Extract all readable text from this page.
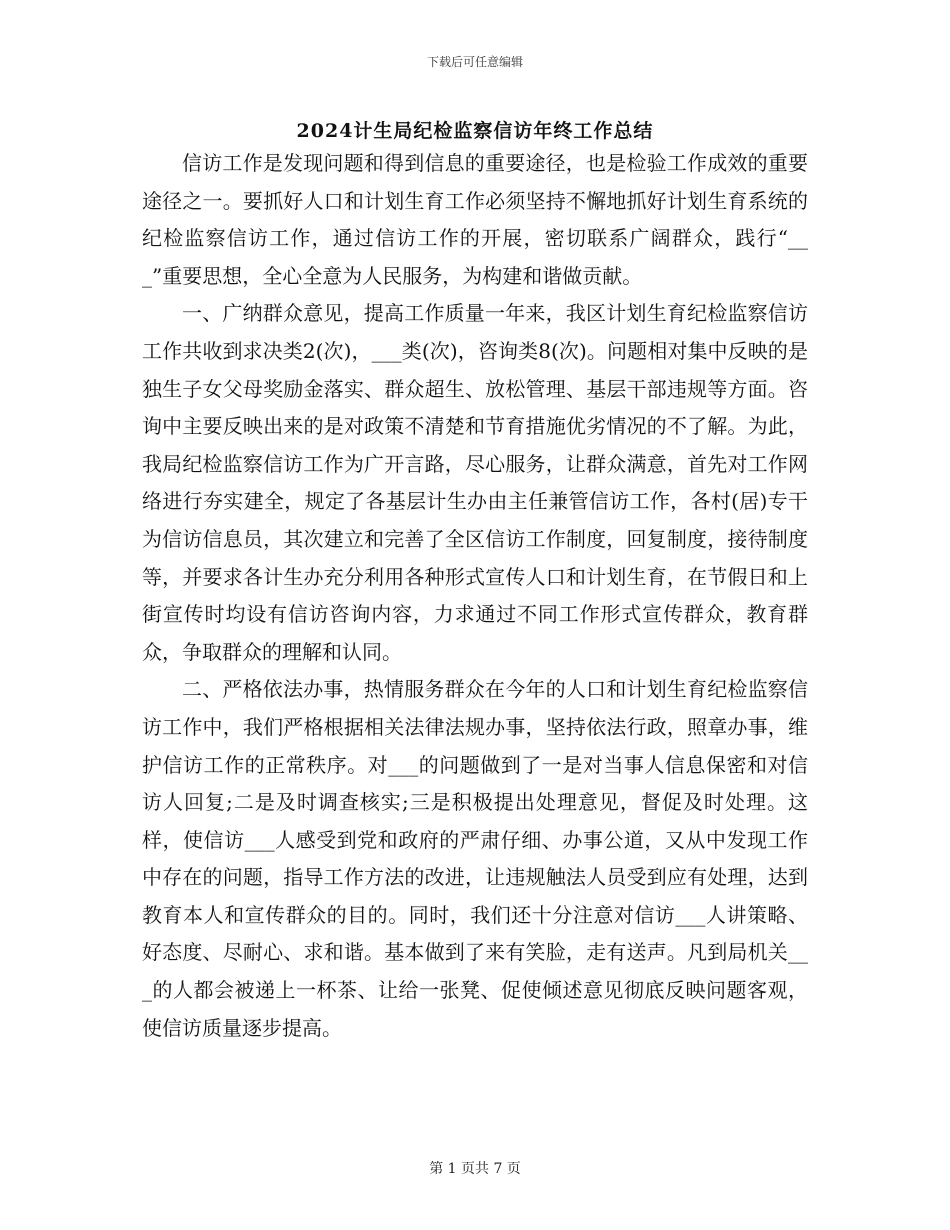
下载后可任意编辑
2024计生局纪检监察信访年终工作总结

信访工作是发现问题和得到信息的重要途径，也是检验工作成效的重要途径之一。要抓好人口和计划生育工作必须坚持不懈地抓好计划生育系统的纪检监察信访工作，通过信访工作的开展，密切联系广阔群众，践行“___”重要思想，全心全意为人民服务，为构建和谐做贡献。

一、广纳群众意见，提高工作质量一年来，我区计划生育纪检监察信访工作共收到求决类2(次)，___类(次)，咨询类8(次)。问题相对集中反映的是独生子女父母奖励金落实、群众超生、放松管理、基层干部违规等方面。咨询中主要反映出来的是对政策不清楚和节育措施优劣情况的不了解。为此，我局纪检监察信访工作为广开言路，尽心服务，让群众满意，首先对工作网络进行夯实建全，规定了各基层计生办由主任兼管信访工作，各村(居)专干为信访信息员，其次建立和完善了全区信访工作制度，回复制度，接待制度等，并要求各计生办充分利用各种形式宣传人口和计划生育，在节假日和上街宣传时均设有信访咨询内容，力求通过不同工作形式宣传群众，教育群众，争取群众的理解和认同。

二、严格依法办事，热情服务群众在今年的人口和计划生育纪检监察信访工作中，我们严格根据相关法律法规办事，坚持依法行政，照章办事，维护信访工作的正常秩序。对___的问题做到了一是对当事人信息保密和对信访人回复;二是及时调查核实;三是积极提出处理意见，督促及时处理。这样，使信访___人感受到党和政府的严肃仔细、办事公道，又从中发现工作中存在的问题，指导工作方法的改进，让违规触法人员受到应有处理，达到教育本人和宣传群众的目的。同时，我们还十分注意对信访___人讲策略、好态度、尽耐心、求和谐。基本做到了来有笑脸，走有送声。凡到局机关___的人都会被递上一杯茶、让给一张凳、促使倾述意见彻底反映问题客观，使信访质量逐步提高。

第 1 页共 7 页
